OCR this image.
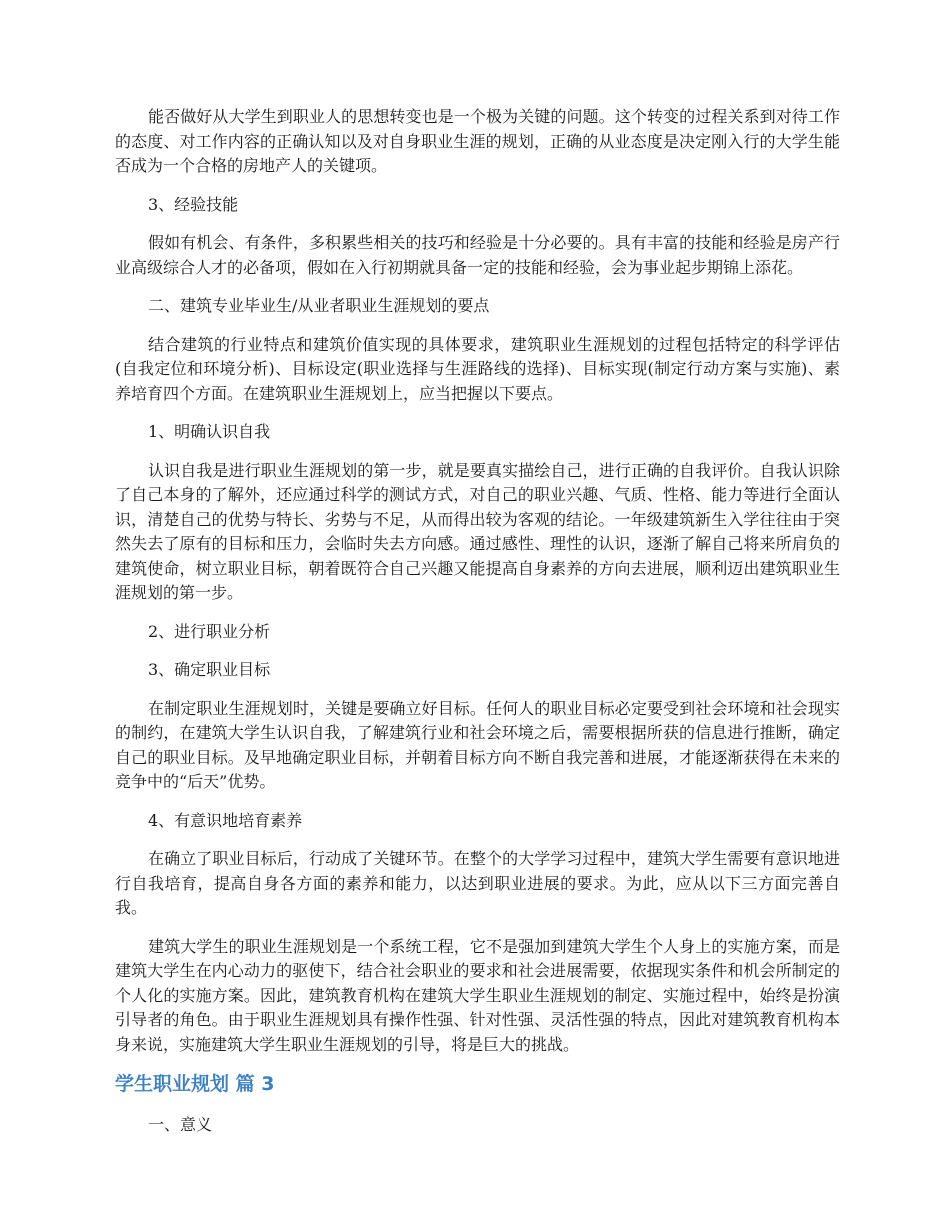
能否做好从大学生到职业人的思想转变也是一个极为关键的问题。这个转变的过程关系到对待工作的态度、对工作内容的正确认知以及对自身职业生涯的规划，正确的从业态度是决定刚入行的大学生能否成为一个合格的房地产人的关键项。

3、经验技能

假如有机会、有条件，多积累些相关的技巧和经验是十分必要的。具有丰富的技能和经验是房产行业高级综合人才的必备项，假如在入行初期就具备一定的技能和经验，会为事业起步期锦上添花。

二、建筑专业毕业生/从业者职业生涯规划的要点

结合建筑的行业特点和建筑价值实现的具体要求，建筑职业生涯规划的过程包括特定的科学评估(自我定位和环境分析)、目标设定(职业选择与生涯路线的选择)、目标实现(制定行动方案与实施)、素养培育四个方面。在建筑职业生涯规划上，应当把握以下要点。

1、明确认识自我

认识自我是进行职业生涯规划的第一步，就是要真实描绘自己，进行正确的自我评价。自我认识除了自己本身的了解外，还应通过科学的测试方式，对自己的职业兴趣、气质、性格、能力等进行全面认识，清楚自己的优势与特长、劣势与不足，从而得出较为客观的结论。一年级建筑新生入学往往由于突然失去了原有的目标和压力，会临时失去方向感。通过感性、理性的认识，逐渐了解自己将来所肩负的建筑使命，树立职业目标，朝着既符合自己兴趣又能提高自身素养的方向去进展，顺利迈出建筑职业生涯规划的第一步。

2、进行职业分析

3、确定职业目标

在制定职业生涯规划时，关键是要确立好目标。任何人的职业目标必定要受到社会环境和社会现实的制约，在建筑大学生认识自我，了解建筑行业和社会环境之后，需要根据所获的信息进行推断，确定自己的职业目标。及早地确定职业目标，并朝着目标方向不断自我完善和进展，才能逐渐获得在未来的竞争中的“后天”优势。

4、有意识地培育素养

在确立了职业目标后，行动成了关键环节。在整个的大学学习过程中，建筑大学生需要有意识地进行自我培育，提高自身各方面的素养和能力，以达到职业进展的要求。为此，应从以下三方面完善自我。

建筑大学生的职业生涯规划是一个系统工程，它不是强加到建筑大学生个人身上的实施方案，而是建筑大学生在内心动力的驱使下，结合社会职业的要求和社会进展需要，依据现实条件和机会所制定的个人化的实施方案。因此，建筑教育机构在建筑大学生职业生涯规划的制定、实施过程中，始终是扮演引导者的角色。由于职业生涯规划具有操作性强、针对性强、灵活性强的特点，因此对建筑教育机构本身来说，实施建筑大学生职业生涯规划的引导，将是巨大的挑战。

学生职业规划 篇 3

一、意义
